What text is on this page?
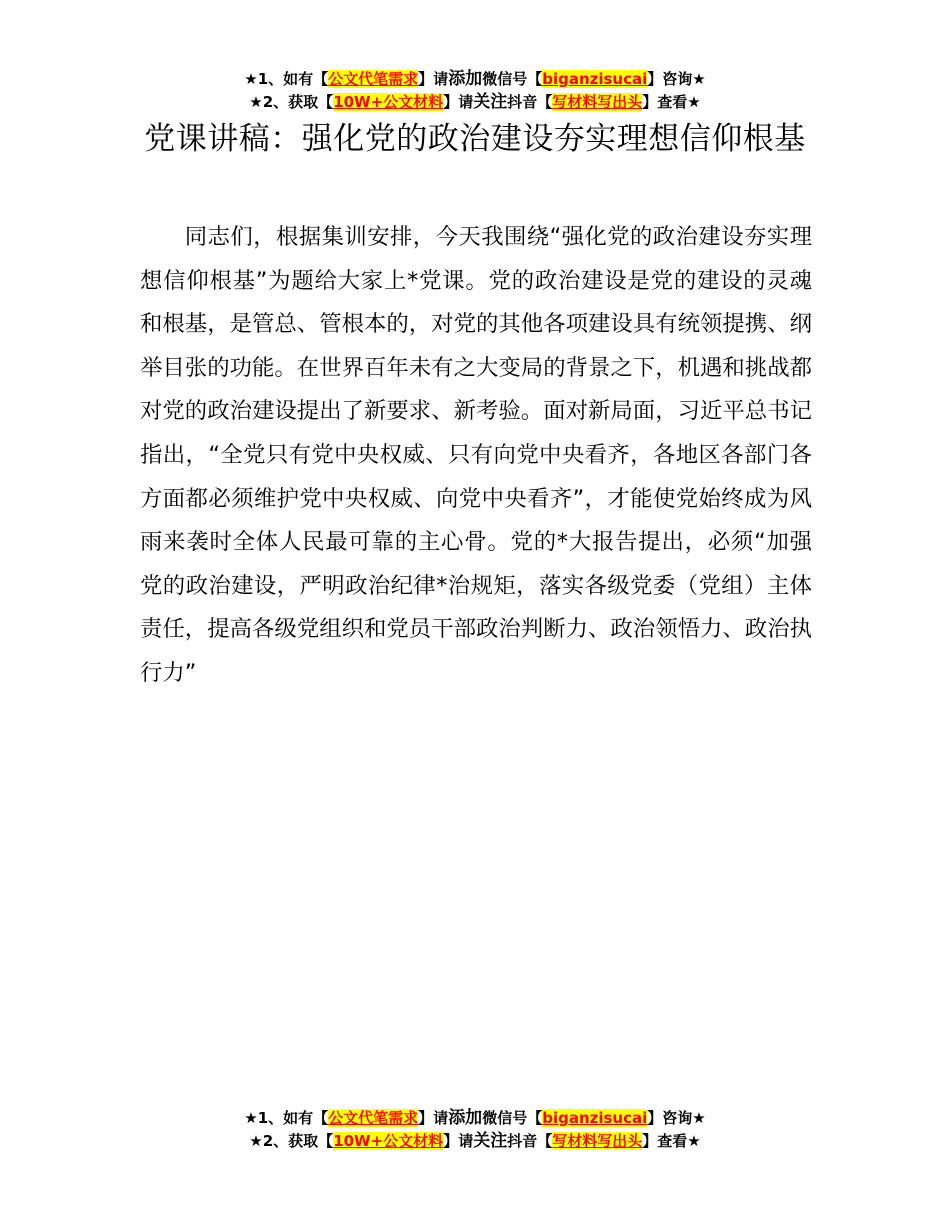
★1、如有【公文代笔需求】请添加微信号【biganzisucai】咨询★
★2、获取【10W+公文材料】请关注抖音【写材料写出头】查看★
党课讲稿：强化党的政治建设夯实理想信仰根基

同志们，根据集训安排，今天我围绕“强化党的政治建设夯实理想信仰根基”为题给大家上*党课。党的政治建设是党的建设的灵魂和根基，是管总、管根本的，对党的其他各项建设具有统领提携、纲举目张的功能。在世界百年未有之大变局的背景之下，机遇和挑战都对党的政治建设提出了新要求、新考验。面对新局面，习近平总书记指出，“全党只有党中央权威、只有向党中央看齐，各地区各部门各方面都必须维护党中央权威、向党中央看齐”，才能使党始终成为风雨来袭时全体人民最可靠的主心骨。党的*大报告提出，必须“加强党的政治建设，严明政治纪律*治规矩，落实各级党委（党组）主体责任，提高各级党组织和党员干部政治判断力、政治领悟力、政治执行力”

★1、如有【公文代笔需求】请添加微信号【biganzisucai】咨询★
★2、获取【10W+公文材料】请关注抖音【写材料写出头】查看★
